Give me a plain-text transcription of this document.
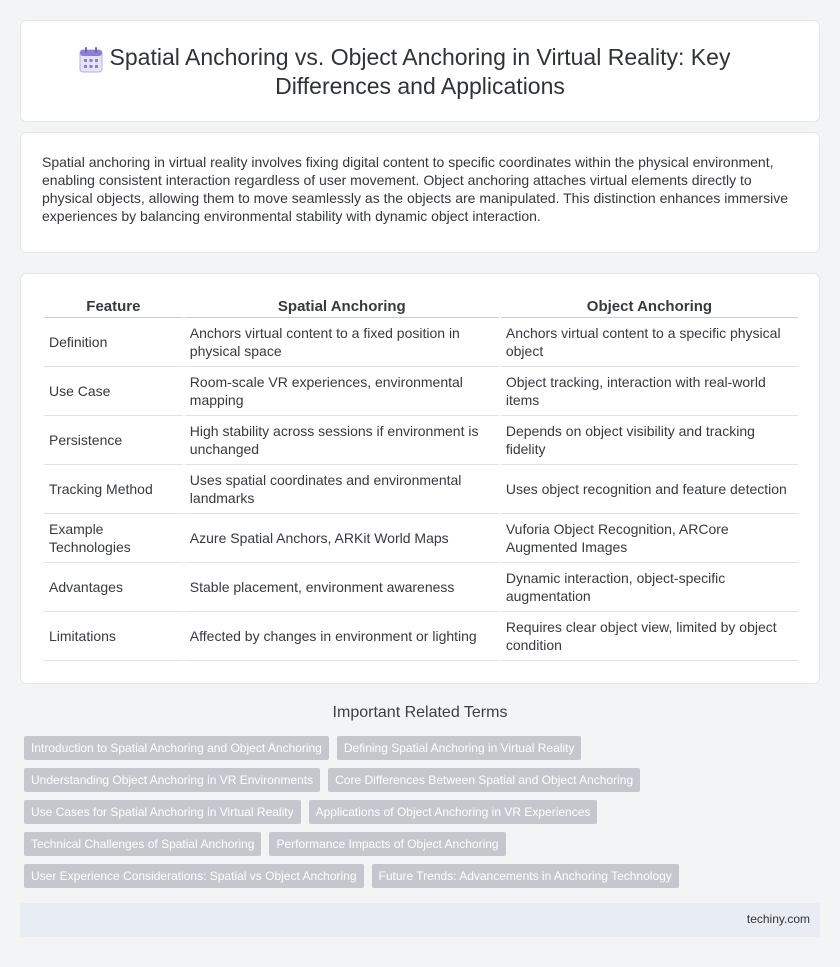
Spatial Anchoring vs. Object Anchoring in Virtual Reality: Key Differences and Applications

Spatial anchoring in virtual reality involves fixing digital content to specific coordinates within the physical environment, enabling consistent interaction regardless of user movement. Object anchoring attaches virtual elements directly to physical objects, allowing them to move seamlessly as the objects are manipulated. This distinction enhances immersive experiences by balancing environmental stability with dynamic object interaction.

Feature	Spatial Anchoring	Object Anchoring
Definition	Anchors virtual content to a fixed position in physical space	Anchors virtual content to a specific physical object
Use Case	Room-scale VR experiences, environmental mapping	Object tracking, interaction with real-world items
Persistence	High stability across sessions if environment is unchanged	Depends on object visibility and tracking fidelity
Tracking Method	Uses spatial coordinates and environmental landmarks	Uses object recognition and feature detection
Example Technologies	Azure Spatial Anchors, ARKit World Maps	Vuforia Object Recognition, ARCore Augmented Images
Advantages	Stable placement, environment awareness	Dynamic interaction, object-specific augmentation
Limitations	Affected by changes in environment or lighting	Requires clear object view, limited by object condition
Important Related Terms
Introduction to Spatial Anchoring and Object Anchoring	Defining Spatial Anchoring in Virtual Reality
Understanding Object Anchoring in VR Environments	Core Differences Between Spatial and Object Anchoring
Use Cases for Spatial Anchoring in Virtual Reality	Applications of Object Anchoring in VR Experiences
Technical Challenges of Spatial Anchoring	Performance Impacts of Object Anchoring
User Experience Considerations: Spatial vs Object Anchoring	Future Trends: Advancements in Anchoring Technology
techiny.com
